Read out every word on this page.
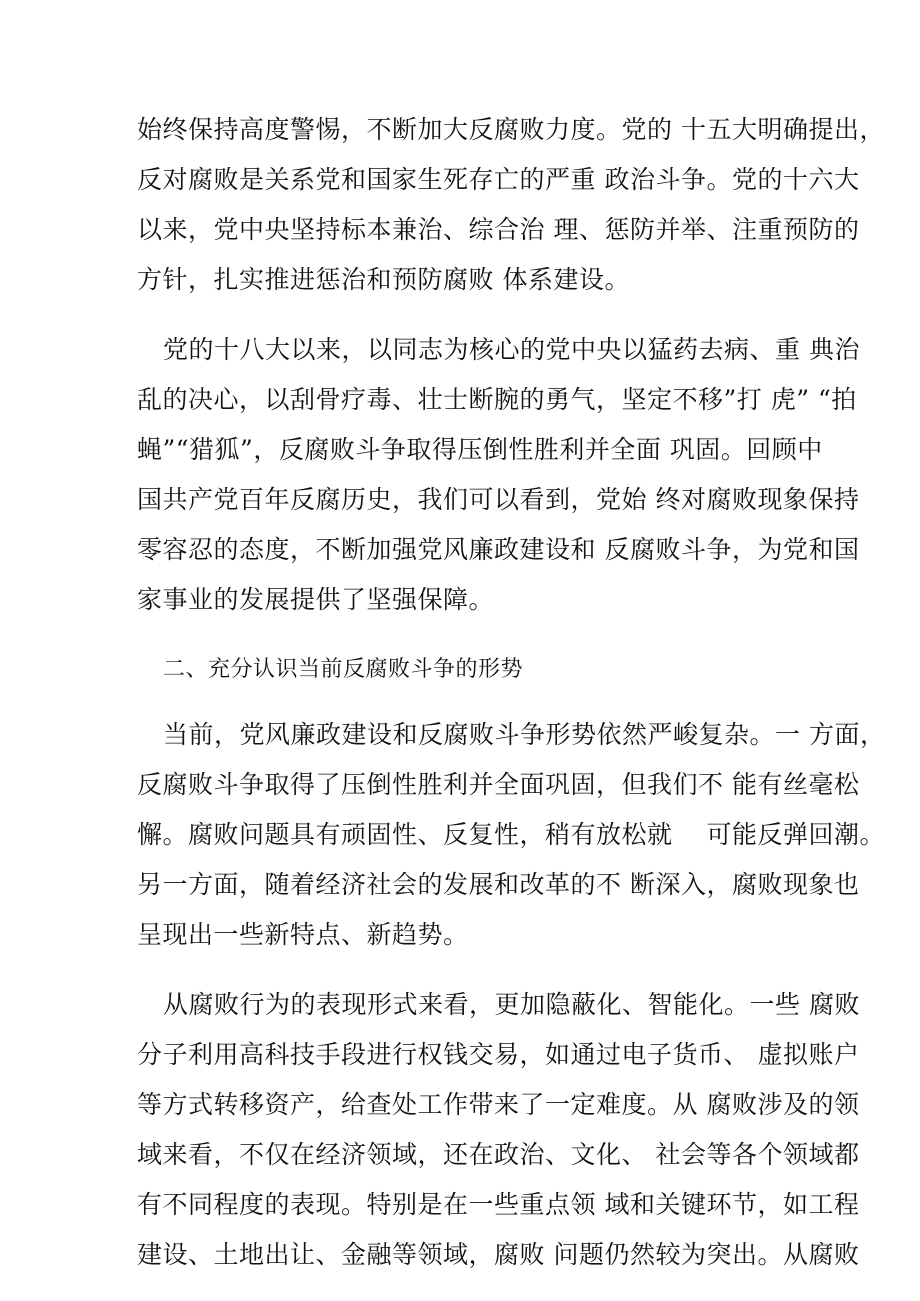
始终保持高度警惕，不断加大反腐败力度。党的 十五大明确提出，
反对腐败是关系党和国家生死存亡的严重 政治斗争。党的十六大
以来，党中央坚持标本兼治、综合治 理、惩防并举、注重预防的
方针，扎实推进惩治和预防腐败 体系建设。
党的十八大以来，以同志为核心的党中央以猛药去病、重 典治
乱的决心，以刮骨疗毒、壮士断腕的勇气，坚定不移”打 虎” “拍
蝇”“猎狐”，反腐败斗争取得压倒性胜利并全面 巩固。回顾中
国共产党百年反腐历史，我们可以看到，党始 终对腐败现象保持
零容忍的态度，不断加强党风廉政建设和 反腐败斗争，为党和国
家事业的发展提供了坚强保障。
二、充分认识当前反腐败斗争的形势
当前，党风廉政建设和反腐败斗争形势依然严峻复杂。一 方面，
反腐败斗争取得了压倒性胜利并全面巩固，但我们不 能有丝毫松
懈。腐败问题具有顽固性、反复性，稍有放松就　 可能反弹回潮。
另一方面，随着经济社会的发展和改革的不 断深入，腐败现象也
呈现出一些新特点、新趋势。
从腐败行为的表现形式来看，更加隐蔽化、智能化。一些 腐败
分子利用高科技手段进行权钱交易，如通过电子货币、 虚拟账户
等方式转移资产，给查处工作带来了一定难度。从 腐败涉及的领
域来看，不仅在经济领域，还在政治、文化、 社会等各个领域都
有不同程度的表现。特别是在一些重点领 域和关键环节，如工程
建设、土地出让、金融等领域，腐败 问题仍然较为突出。从腐败
